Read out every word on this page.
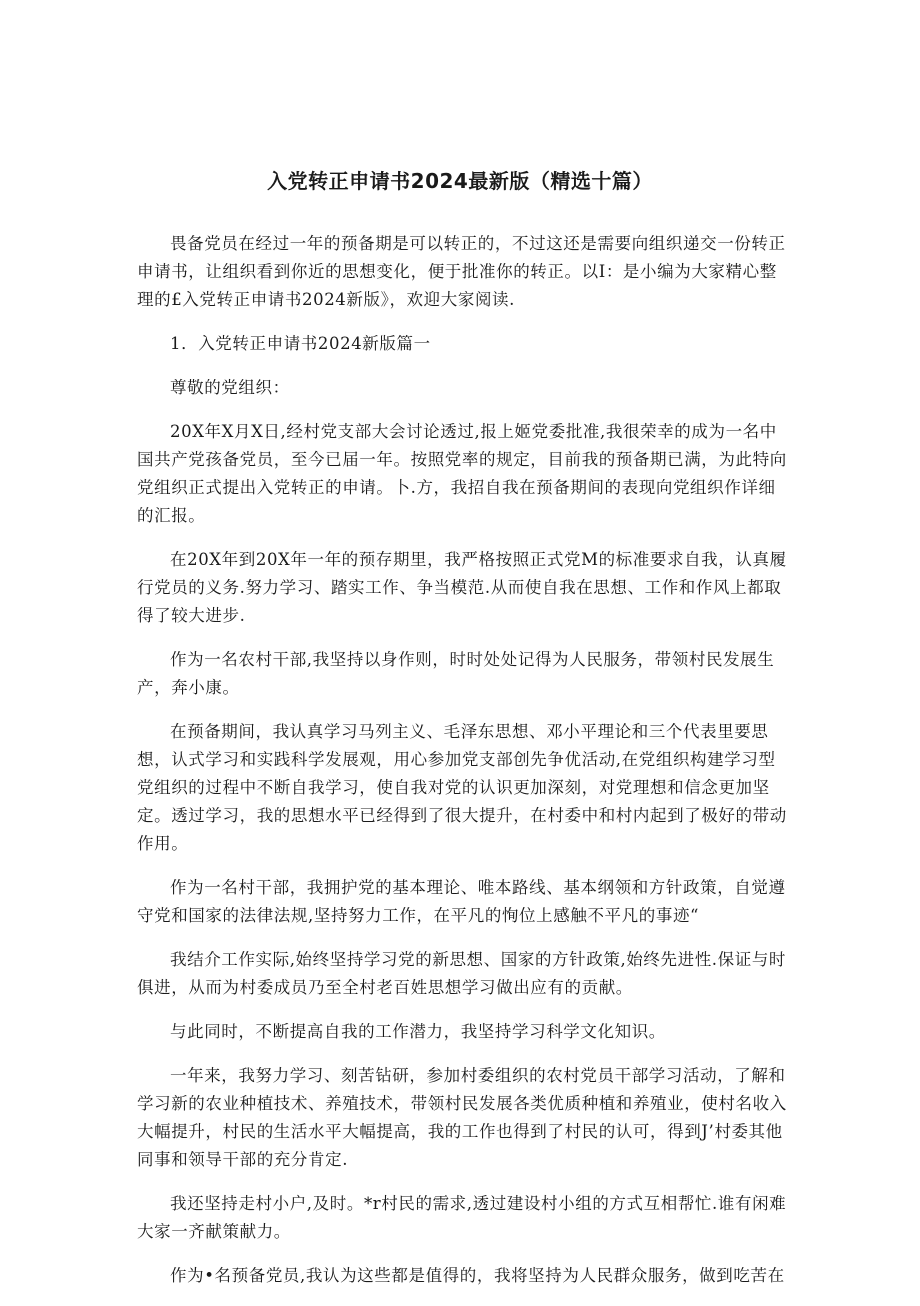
入党转正申请书2024最新版（精选十篇）

畏备党员在经过一年的预备期是可以转正的，不过这还是需要向组织递交一份转正申请书，让组织看到你近的思想变化，便于批准你的转正。以I：是小编为大家精心整理的£入党转正申请书2024新版》，欢迎大家阅读.

1．入党转正申请书2024新版篇一

尊敬的党组织：

20X年X月X日,经村党支部大会讨论透过,报上姬党委批准,我很荣幸的成为一名中国共产党孩备党员，至今已届一年。按照党率的规定，目前我的预备期已满，为此特向党组织正式提出入党转正的申请。卜.方，我招自我在预备期间的表现向党组织作详细的汇报。

在20X年到20X年一年的预存期里，我严格按照正式党M的标准要求自我，认真履行党员的义务.努力学习、踏实工作、争当模范.从而使自我在思想、工作和作风上都取得了较大进步.

作为一名农村干部,我坚持以身作则，时时处处记得为人民服务，带领村民发展生产，奔小康。

在预备期间，我认真学习马列主义、毛泽东思想、邓小平理论和三个代表里要思想，认式学习和实践科学发展观，用心参加党支部创先争优活动,在党组织构建学习型党组织的过程中不断自我学习，使自我对党的认识更加深刻，对党理想和信念更加坚定。透过学习，我的思想水平已经得到了很大提升，在村委中和村内起到了极好的带动作用。

作为一名村干部，我拥护党的基本理论、唯本路线、基本纲领和方针政策，自觉遵守党和国家的法律法规,坚持努力工作，在平凡的恂位上感触不平凡的事迹“

我结介工作实际,始终坚持学习党的新思想、国家的方针政策,始终先进性.保证与时俱进，从而为村委成员乃至全村老百姓思想学习做出应有的贡献。

与此同时，不断提高自我的工作潜力，我坚持学习科学文化知识。

一年来，我努力学习、刻苦钻研，参加村委组织的农村党员干部学习活动，了解和学习新的农业种植技术、养殖技术，带领村民发展各类优质种植和养殖业，使村名收入大幅提升，村民的生活水平大幅提高，我的工作也得到了村民的认可，得到J’村委其他同事和领导干部的充分肯定.

我还坚持走村小户,及时。*r村民的需求,透过建设村小组的方式互相帮忙.谁有闲难大家一齐献策献力。

作为•名预备党员,我认为这些都是值得的，我将坚持为人民群众服务，做到吃苦在
